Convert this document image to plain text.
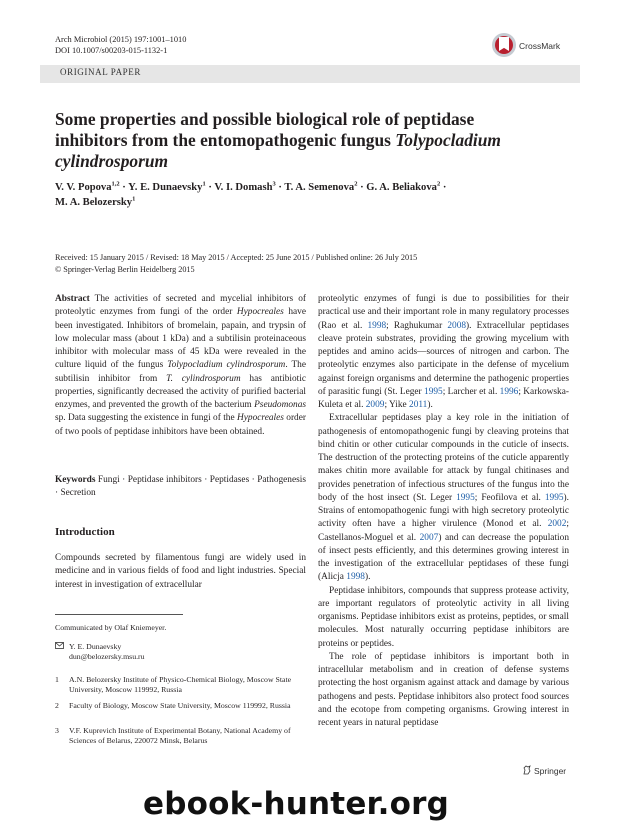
Arch Microbiol (2015) 197:1001–1010
DOI 10.1007/s00203-015-1132-1	CrossMark
ORIGINAL PAPER
Some properties and possible biological role of peptidase inhibitors from the entomopathogenic fungus Tolypocladium cylindrosporum
V. V. Popova$^{1,2}$ · Y. E. Dunaevsky$^1$ · V. I. Domash$^3$ · T. A. Semenova$^2$ · G. A. Beliakova$^2$ ·
M. A. Belozersky$^1$
Received: 15 January 2015 / Revised: 18 May 2015 / Accepted: 25 June 2015 / Published online: 26 July 2015
© Springer-Verlag Berlin Heidelberg 2015

Abstract The activities of secreted and mycelial inhibitors of proteolytic enzymes from fungi of the order Hypocreales have been investigated. Inhibitors of bromelain, papain, and trypsin of low molecular mass (about 1 kDa) and a subtilisin proteinaceous inhibitor with molecular mass of 45 kDa were revealed in the culture liquid of the fungus Tolypocladium cylindrosporum. The subtilisin inhibitor from T. cylindrosporum has antibiotic properties, significantly decreased the activity of purified bacterial enzymes, and prevented the growth of the bacterium Pseudomonas sp. Data suggesting the existence in fungi of the Hypocreales order of two pools of peptidase inhibitors have been obtained.

Keywords Fungi · Peptidase inhibitors · Peptidases · Pathogenesis · Secretion

Introduction

Compounds secreted by filamentous fungi are widely used in medicine and in various fields of food and light industries. Special interest in investigation of extracellular

Communicated by Olaf Kniemeyer.
Y. E. Dunaevsky
dun@belozersky.msu.ru
1 A.N. Belozersky Institute of Physico-Chemical Biology, Moscow State University, Moscow 119992, Russia
2 Faculty of Biology, Moscow State University, Moscow 119992, Russia
3 V.F. Kuprevich Institute of Experimental Botany, National Academy of Sciences of Belarus, 220072 Minsk, Belarus

proteolytic enzymes of fungi is due to possibilities for their practical use and their important role in many regulatory processes (Rao et al. 1998; Raghukumar 2008). Extracellular peptidases cleave protein substrates, providing the growing mycelium with peptides and amino acids—sources of nitrogen and carbon. The proteolytic enzymes also participate in the defense of mycelium against foreign organisms and determine the pathogenic properties of parasitic fungi (St. Leger 1995; Larcher et al. 1996; Karkowska-Kuleta et al. 2009; Yike 2011).

Extracellular peptidases play a key role in the initiation of pathogenesis of entomopathogenic fungi by cleaving proteins that bind chitin or other cuticular compounds in the cuticle of insects. The destruction of the protecting proteins of the cuticle apparently makes chitin more available for attack by fungal chitinases and provides penetration of infectious structures of the fungus into the body of the host insect (St. Leger 1995; Feofilova et al. 1995). Strains of entomopathogenic fungi with high secretory proteolytic activity often have a higher virulence (Monod et al. 2002; Castellanos-Moguel et al. 2007) and can decrease the population of insect pests efficiently, and this determines growing interest in the investigation of the extracellular peptidases of these fungi (Alicja 1998).

Peptidase inhibitors, compounds that suppress protease activity, are important regulators of proteolytic activity in all living organisms. Peptidase inhibitors exist as proteins, peptides, or small molecules. Most naturally occurring peptidase inhibitors are proteins or peptides.

The role of peptidase inhibitors is important both in intracellular metabolism and in creation of defense systems protecting the host organism against attack and damage by various pathogens and pests. Peptidase inhibitors also protect food sources and the ecotope from competing organisms. Growing interest in recent years in natural peptidase

Springer
ebook-hunter.org
